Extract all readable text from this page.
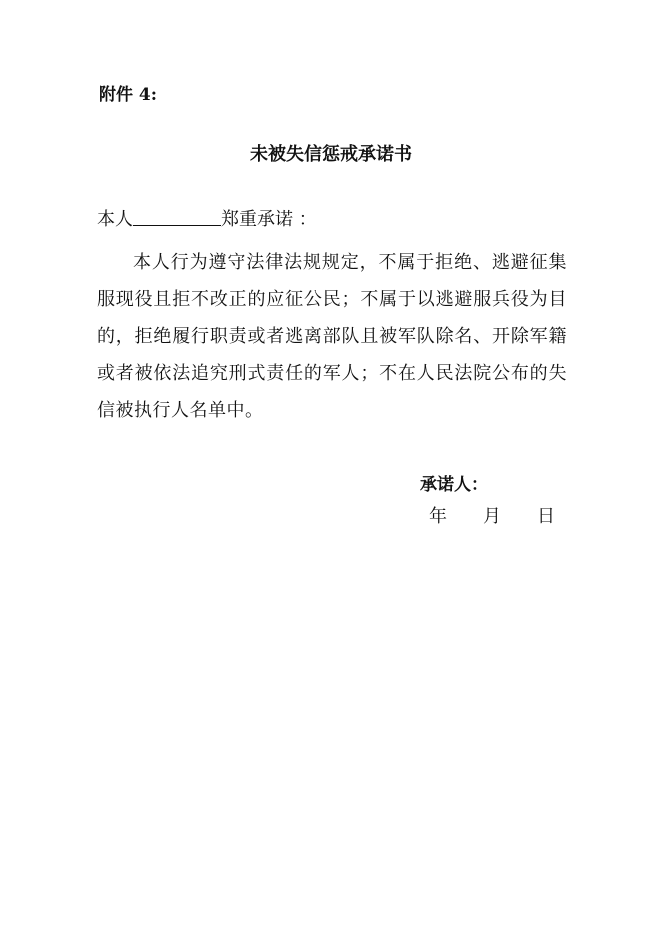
附件 4:
未被失信惩戒承诺书
本人	郑重承诺 ：
本人行为遵守法律法规规定，不属于拒绝、逃避征集服现役且拒不改正的应征公民；不属于以逃避服兵役为目的，拒绝履行职责或者逃离部队且被军队除名、开除军籍或者被依法追究刑式责任的军人；不在人民法院公布的失信被执行人名单中。
承诺人：
年 月 日
